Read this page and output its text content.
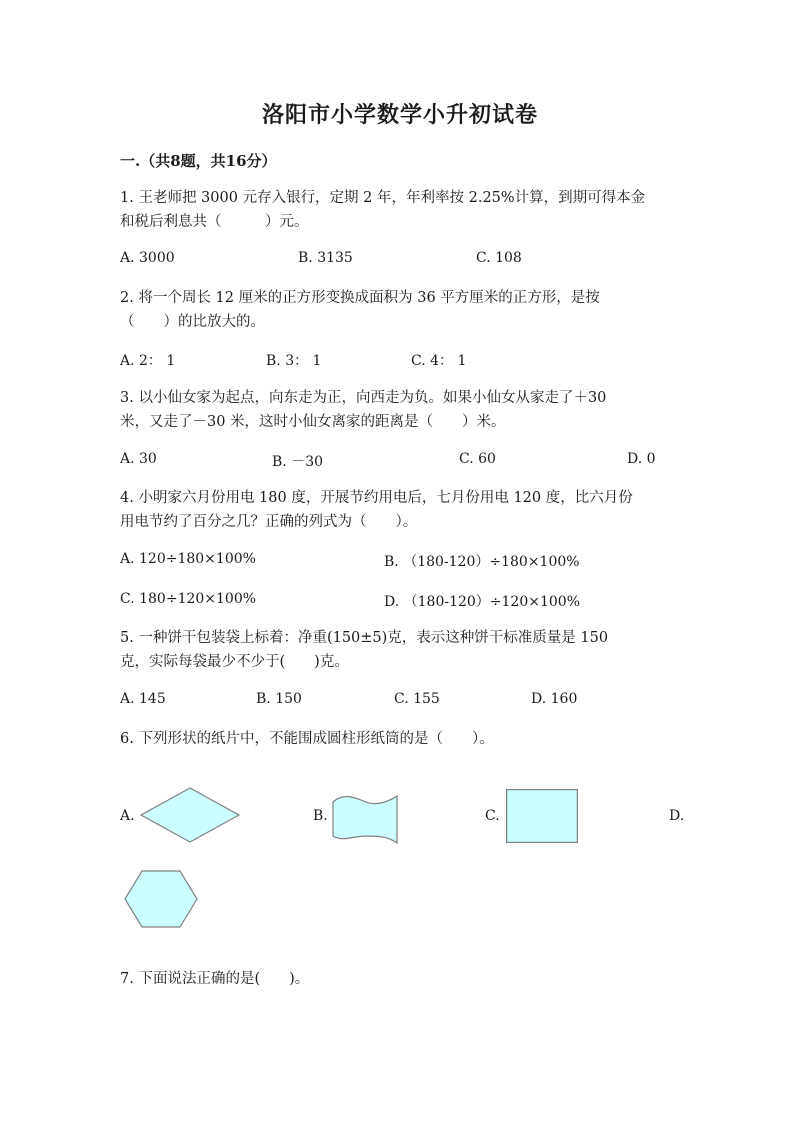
洛阳市小学数学小升初试卷
一.（共8题，共16分）
1. 王老师把 3000 元存入银行，定期 2 年，年利率按 2.25%计算，到期可得本金
和税后利息共（　　　）元。
A. 3000	B. 3135	C. 108
2. 将一个周长 12 厘米的正方形变换成面积为 36 平方厘米的正方形，是按
（　　）的比放大的。
A. 2： 1	B. 3： 1	C. 4： 1
3. 以小仙女家为起点，向东走为正，向西走为负。如果小仙女从家走了＋30
米，又走了－30 米，这时小仙女离家的距离是（　　）米。
A. 30	B. －30	C. 60	D. 0
4. 小明家六月份用电 180 度，开展节约用电后，七月份用电 120 度，比六月份
用电节约了百分之几？正确的列式为（　　）。
A. 120÷180×100%	B. （180-120）÷180×100%
C. 180÷120×100%	D. （180-120）÷120×100%
5. 一种饼干包装袋上标着：净重(150±5)克，表示这种饼干标准质量是 150
克，实际每袋最少不少于(　　)克。
A. 145	B. 150	C. 155	D. 160
6. 下列形状的纸片中，不能围成圆柱形纸筒的是（　　）。
A.	B.	C.	D.
7. 下面说法正确的是(　　)。
